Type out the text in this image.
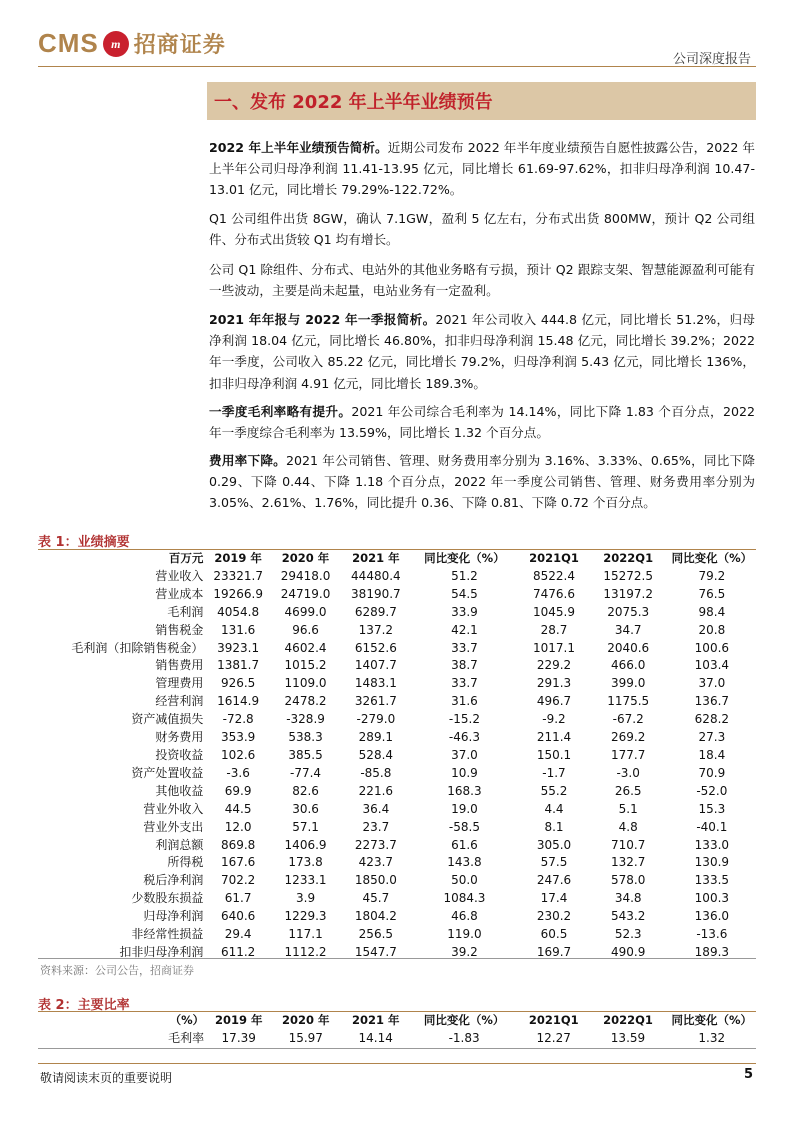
CMS	m 招商证券
公司深度报告
一、发布 2022 年上半年业绩预告
2022 年上半年业绩预告简析。近期公司发布 2022 年半年度业绩预告自愿性披露公告，2022 年上半年公司归母净利润 11.41-13.95 亿元，同比增长 61.69-97.62%，扣非归母净利润 10.47-13.01 亿元，同比增长 79.29%-122.72%。
Q1 公司组件出货 8GW，确认 7.1GW，盈利 5 亿左右，分布式出货 800MW，预计 Q2 公司组件、分布式出货较 Q1 均有增长。
公司 Q1 除组件、分布式、电站外的其他业务略有亏损，预计 Q2 跟踪支架、智慧能源盈利可能有一些波动，主要是尚未起量，电站业务有一定盈利。
2021 年年报与 2022 年一季报简析。2021 年公司收入 444.8 亿元，同比增长 51.2%，归母净利润 18.04 亿元，同比增长 46.80%，扣非归母净利润 15.48 亿元，同比增长 39.2%；2022 年一季度，公司收入 85.22 亿元，同比增长 79.2%，归母净利润 5.43 亿元，同比增长 136%，扣非归母净利润 4.91 亿元，同比增长 189.3%。
一季度毛利率略有提升。2021 年公司综合毛利率为 14.14%，同比下降 1.83 个百分点，2022 年一季度综合毛利率为 13.59%，同比增长 1.32 个百分点。
费用率下降。2021 年公司销售、管理、财务费用率分别为 3.16%、3.33%、0.65%，同比下降 0.29、下降 0.44、下降 1.18 个百分点，2022 年一季度公司销售、管理、财务费用率分别为 3.05%、2.61%、1.76%，同比提升 0.36、下降 0.81、下降 0.72 个百分点。
表 1：业绩摘要
百万元	2019 年	2020 年	2021 年	同比变化（%）	2021Q1	2022Q1	同比变化（%）
营业收入	23321.7	29418.0	44480.4	51.2	8522.4	15272.5	79.2
营业成本	19266.9	24719.0	38190.7	54.5	7476.6	13197.2	76.5
毛利润	4054.8	4699.0	6289.7	33.9	1045.9	2075.3	98.4
销售税金	131.6	96.6	137.2	42.1	28.7	34.7	20.8
毛利润（扣除销售税金）	3923.1	4602.4	6152.6	33.7	1017.1	2040.6	100.6
销售费用	1381.7	1015.2	1407.7	38.7	229.2	466.0	103.4
管理费用	926.5	1109.0	1483.1	33.7	291.3	399.0	37.0
经营利润	1614.9	2478.2	3261.7	31.6	496.7	1175.5	136.7
资产减值损失	-72.8	-328.9	-279.0	-15.2	-9.2	-67.2	628.2
财务费用	353.9	538.3	289.1	-46.3	211.4	269.2	27.3
投资收益	102.6	385.5	528.4	37.0	150.1	177.7	18.4
资产处置收益	-3.6	-77.4	-85.8	10.9	-1.7	-3.0	70.9
其他收益	69.9	82.6	221.6	168.3	55.2	26.5	-52.0
营业外收入	44.5	30.6	36.4	19.0	4.4	5.1	15.3
营业外支出	12.0	57.1	23.7	-58.5	8.1	4.8	-40.1
利润总额	869.8	1406.9	2273.7	61.6	305.0	710.7	133.0
所得税	167.6	173.8	423.7	143.8	57.5	132.7	130.9
税后净利润	702.2	1233.1	1850.0	50.0	247.6	578.0	133.5
少数股东损益	61.7	3.9	45.7	1084.3	17.4	34.8	100.3
归母净利润	640.6	1229.3	1804.2	46.8	230.2	543.2	136.0
非经常性损益	29.4	117.1	256.5	119.0	60.5	52.3	-13.6
扣非归母净利润	611.2	1112.2	1547.7	39.2	169.7	490.9	189.3
资料来源：公司公告，招商证券
表 2：主要比率
（%）	2019 年	2020 年	2021 年	同比变化（%）	2021Q1	2022Q1	同比变化（%）
毛利率	17.39	15.97	14.14	-1.83	12.27	13.59	1.32
敬请阅读末页的重要说明	5
